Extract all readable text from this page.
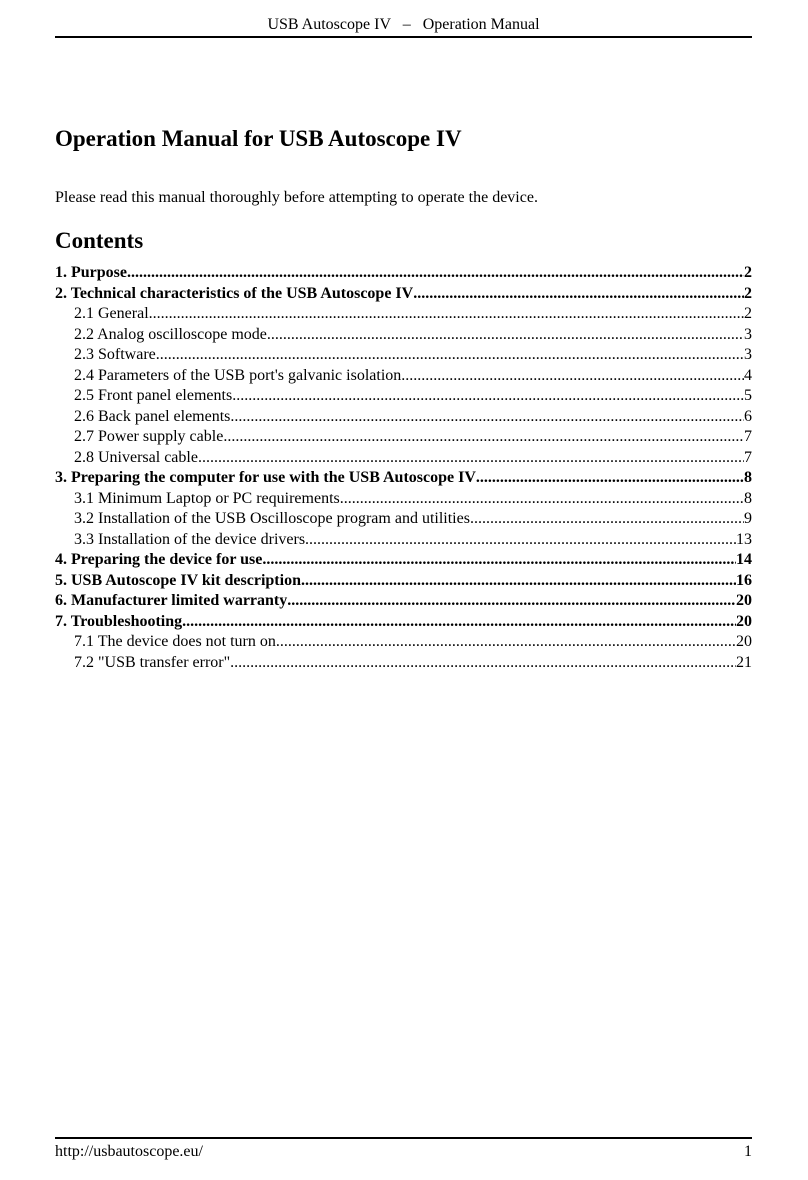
USB Autoscope IV   –   Operation Manual
Operation Manual for USB Autoscope IV

Please read this manual thoroughly before attempting to operate the device.

Contents
1. Purpose .....	2
2. Technical characteristics of the USB Autoscope IV .....	2
2.1 General .....	2
2.2 Analog oscilloscope mode .....	3
2.3 Software .....	3
2.4 Parameters of the USB port's galvanic isolation .....	4
2.5 Front panel elements .....	5
2.6 Back panel elements .....	6
2.7 Power supply cable .....	7
2.8 Universal cable .....	7
3. Preparing the computer for use with the USB Autoscope IV .....	8
3.1 Minimum Laptop or PC requirements .....	8
3.2 Installation of the USB Oscilloscope program and utilities .....	9
3.3 Installation of the device drivers .....	13
4. Preparing the device for use .....	14
5. USB Autoscope IV kit description .....	16
6. Manufacturer limited warranty .....	20
7. Troubleshooting .....	20
7.1 The device does not turn on .....	20
7.2 "USB transfer error" .....	21
http://usbautoscope.eu/	1
